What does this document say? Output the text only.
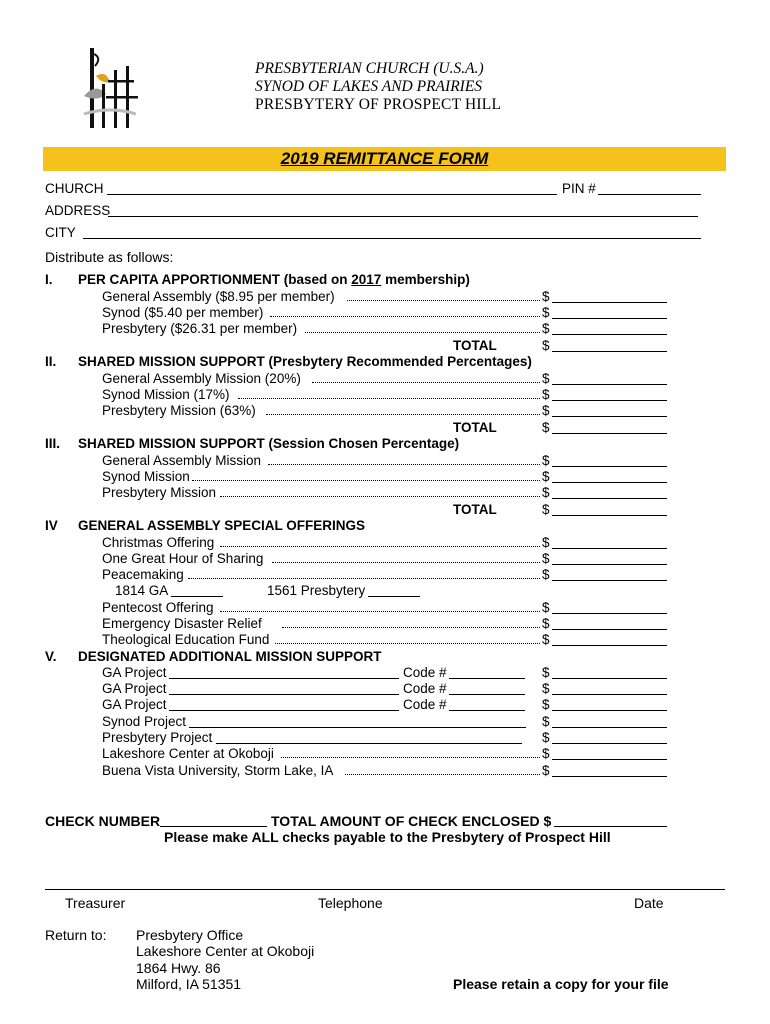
PRESBYTERIAN CHURCH (U.S.A.)
SYNOD OF LAKES AND PRAIRIES
PRESBYTERY OF PROSPECT HILL
2019 REMITTANCE FORM
CHURCH	PIN #
ADDRESS
CITY
Distribute as follows:
I. PER CAPITA APPORTIONMENT (based on 2017 membership)
General Assembly ($8.95 per member)	$
Synod ($5.40 per member)	$
Presbytery ($26.31 per member)	$
TOTAL	$
II. SHARED MISSION SUPPORT (Presbytery Recommended Percentages)
General Assembly Mission (20%)	$
Synod Mission (17%)	$
Presbytery Mission (63%)	$
TOTAL	$
III. SHARED MISSION SUPPORT (Session Chosen Percentage)
General Assembly Mission	$
Synod Mission	$
Presbytery Mission	$
TOTAL	$
IV GENERAL ASSEMBLY SPECIAL OFFERINGS
Christmas Offering	$
One Great Hour of Sharing	$
Peacemaking	$
1814 GA	1561 Presbytery
Pentecost Offering	$
Emergency Disaster Relief	$
Theological Education Fund	$
V. DESIGNATED ADDITIONAL MISSION SUPPORT
GA Project	Code #	$
GA Project	Code #	$
GA Project	Code #	$
Synod Project	$
Presbytery Project	$
Lakeshore Center at Okoboji	$
Buena Vista University, Storm Lake, IA	$
CHECK NUMBER	TOTAL AMOUNT OF CHECK ENCLOSED $
Please make ALL checks payable to the Presbytery of Prospect Hill
Treasurer	Telephone	Date
Return to: Presbytery Office
Lakeshore Center at Okoboji
1864 Hwy. 86
Milford, IA 51351	Please retain a copy for your file
